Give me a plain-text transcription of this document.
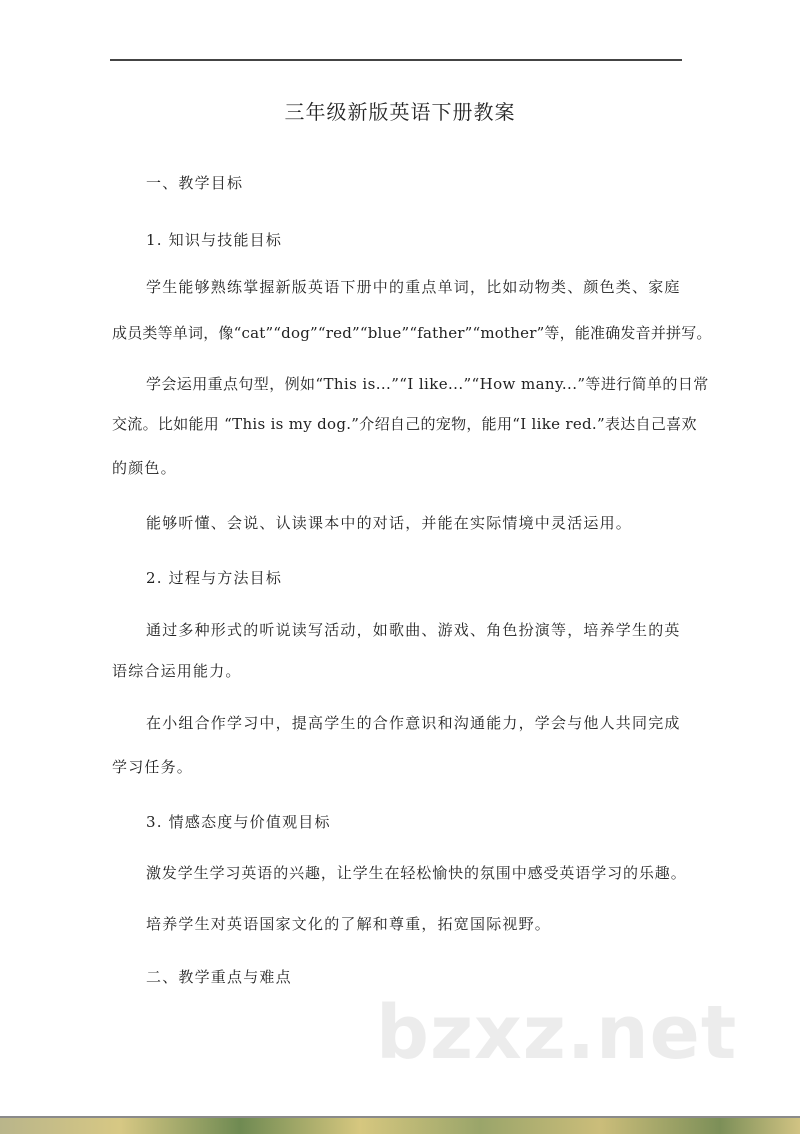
三年级新版英语下册教案
一、教学目标
1. 知识与技能目标
学生能够熟练掌握新版英语下册中的重点单词，比如动物类、颜色类、家庭
成员类等单词，像“cat”“dog”“red”“blue”“father”“mother”等，能准确发音并拼写。
学会运用重点句型，例如“This is...”“I like...”“How many...”等进行简单的日常
交流。比如能用 “This is my dog.”介绍自己的宠物，能用“I like red.”表达自己喜欢
的颜色。
能够听懂、会说、认读课本中的对话，并能在实际情境中灵活运用。
2. 过程与方法目标
通过多种形式的听说读写活动，如歌曲、游戏、角色扮演等，培养学生的英
语综合运用能力。
在小组合作学习中，提高学生的合作意识和沟通能力，学会与他人共同完成
学习任务。
3. 情感态度与价值观目标
激发学生学习英语的兴趣，让学生在轻松愉快的氛围中感受英语学习的乐趣。
培养学生对英语国家文化的了解和尊重，拓宽国际视野。
二、教学重点与难点
bzxz.net
